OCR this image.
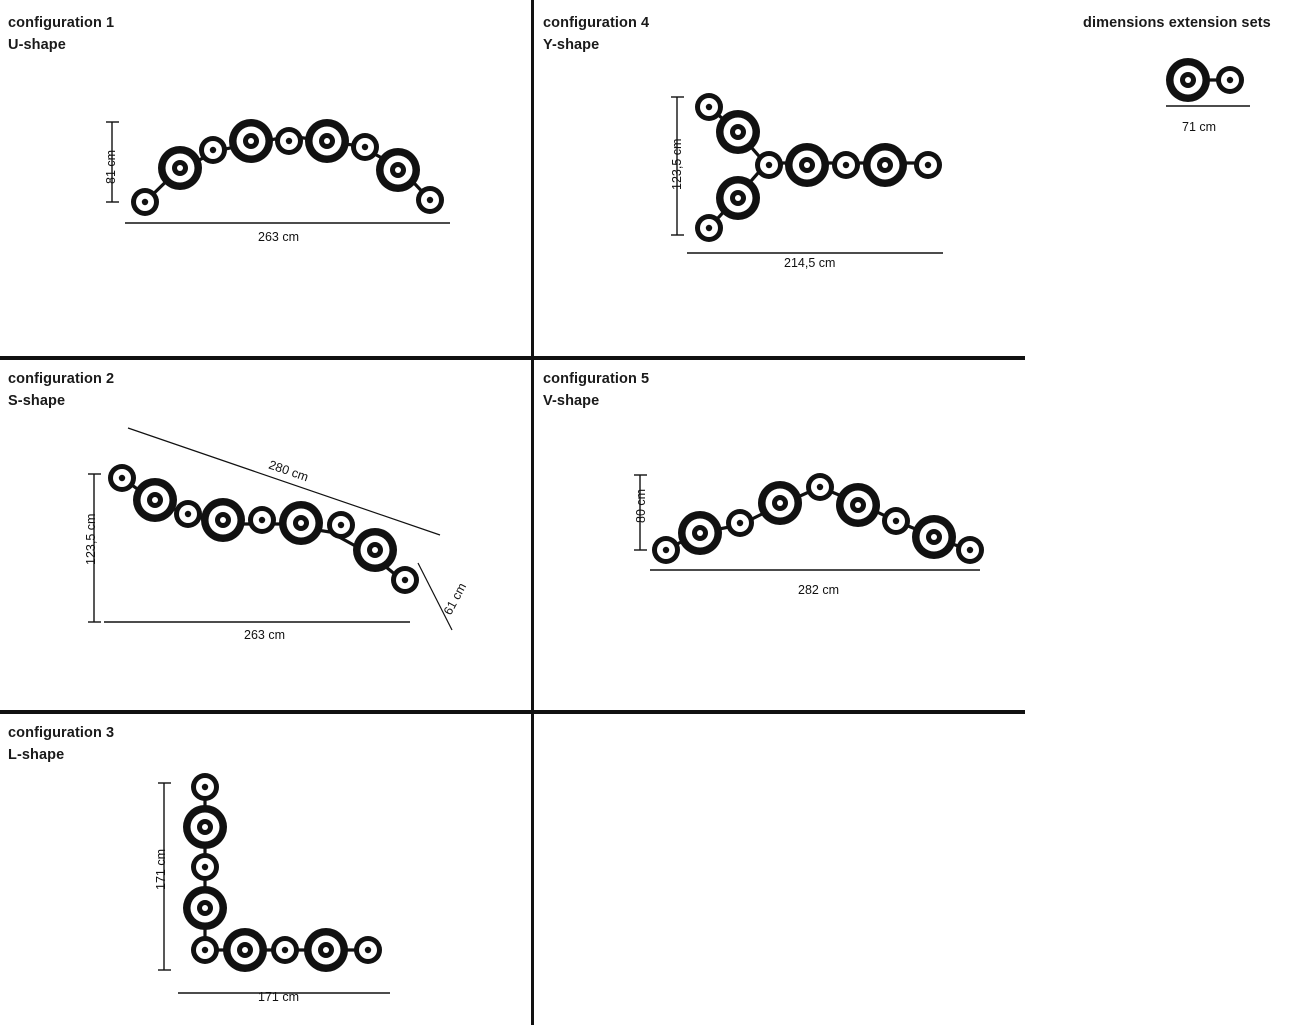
configuration 1
U-shape
81 cm
263 cm
configuration 2
S-shape
280 cm
123,5 cm
263 cm
61 cm
configuration 3
L-shape
171 cm
171 cm
configuration 4
Y-shape
123,5 cm
214,5 cm
configuration 5
V-shape
80 cm
282 cm
dimensions extension sets
71 cm
